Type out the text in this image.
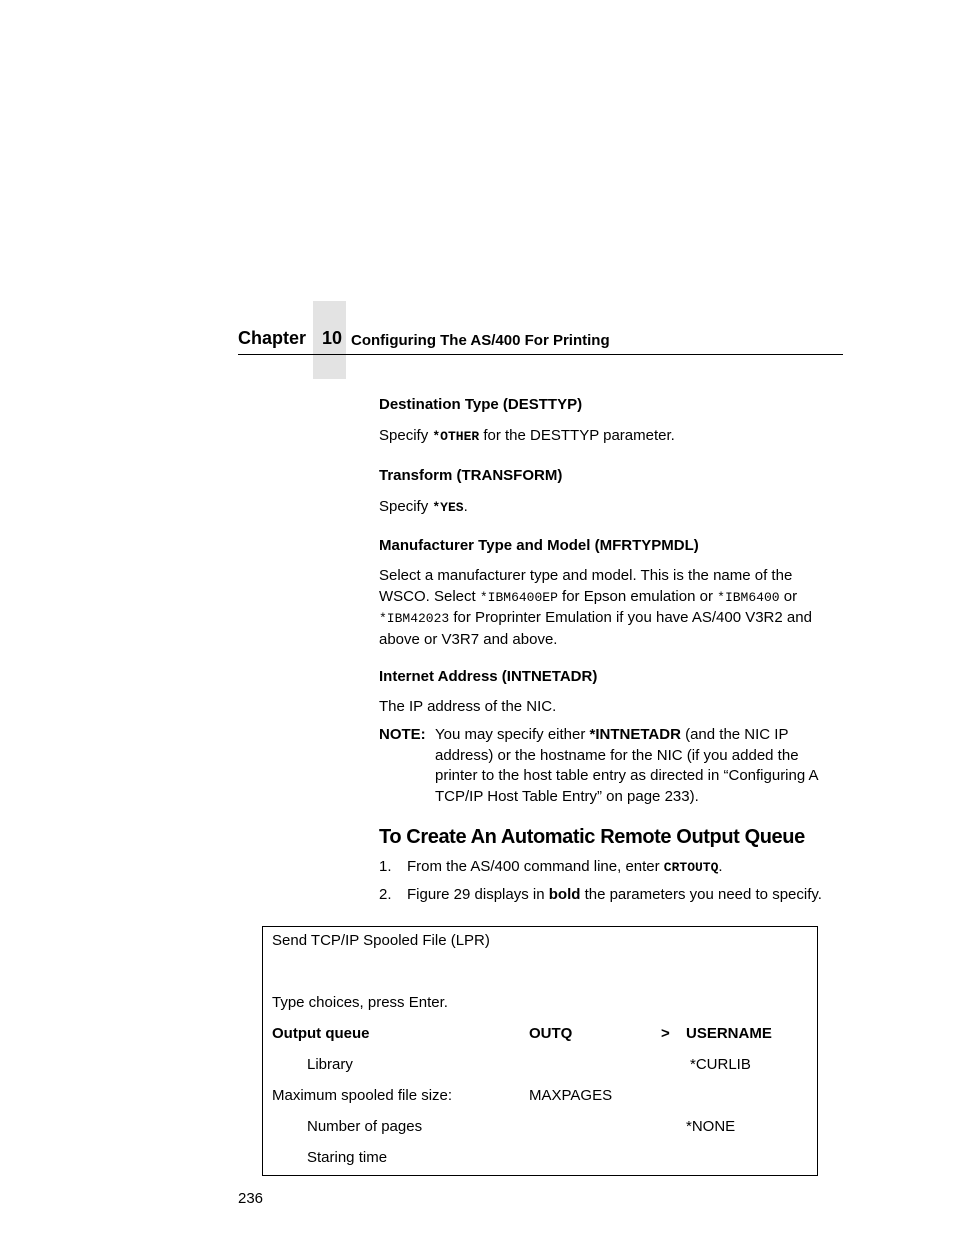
Chapter 10 Configuring The AS/400 For Printing
Destination Type (DESTTYP)
Specify *OTHER for the DESTTYP parameter.
Transform (TRANSFORM)
Specify *YES.
Manufacturer Type and Model (MFRTYPMDL)
Select a manufacturer type and model. This is the name of the WSCO. Select *IBM6400EP for Epson emulation or *IBM6400 or *IBM42023 for Proprinter Emulation if you have AS/400 V3R2 and above or V3R7 and above.
Internet Address (INTNETADR)
The IP address of the NIC.
NOTE: You may specify either *INTNETADR (and the NIC IP address) or the hostname for the NIC (if you added the printer to the host table entry as directed in “Configuring A TCP/IP Host Table Entry” on page 233).
To Create An Automatic Remote Output Queue
1.	From the AS/400 command line, enter CRTOUTQ.
2.	Figure 29 displays in bold the parameters you need to specify.
Send TCP/IP Spooled File (LPR)
Type choices, press Enter.
Output queue	OUTQ	> USERNAME
Library	*CURLIB
Maximum spooled file size:	MAXPAGES
Number of pages	*NONE
Staring time
236
